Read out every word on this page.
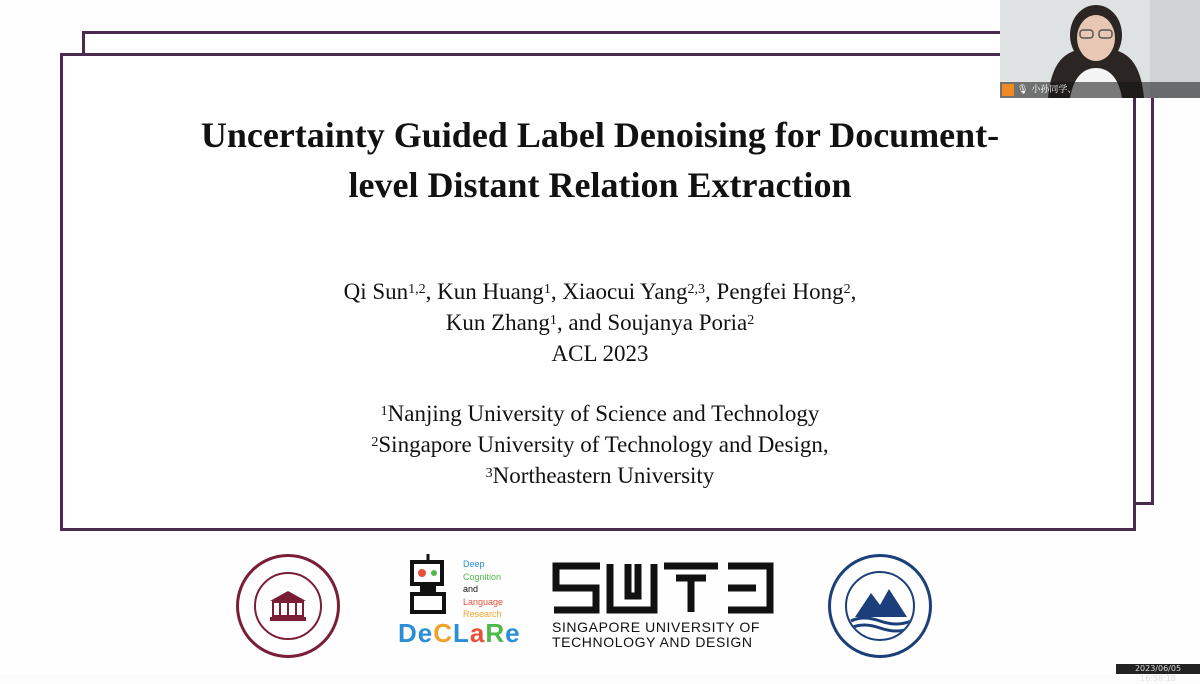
Uncertainty Guided Label Denoising for Document-
level Distant Relation Extraction
Qi Sun$^{1,2}$, Kun Huang$^1$, Xiaocui Yang$^{2,3}$, Pengfei Hong$^2$,
Kun Zhang$^1$, and Soujanya Poria$^2$
ACL 2023
$^1$Nanjing University of Science and Technology
$^2$Singapore University of Technology and Design,
$^3$Northeastern University
Deep
Cognition
and
Language
Research
DeCLaRe SINGAPORE UNIVERSITY OF
TECHNOLOGY AND DESIGN
🎙 小孙同学、
2023/06/05 16:58:18
